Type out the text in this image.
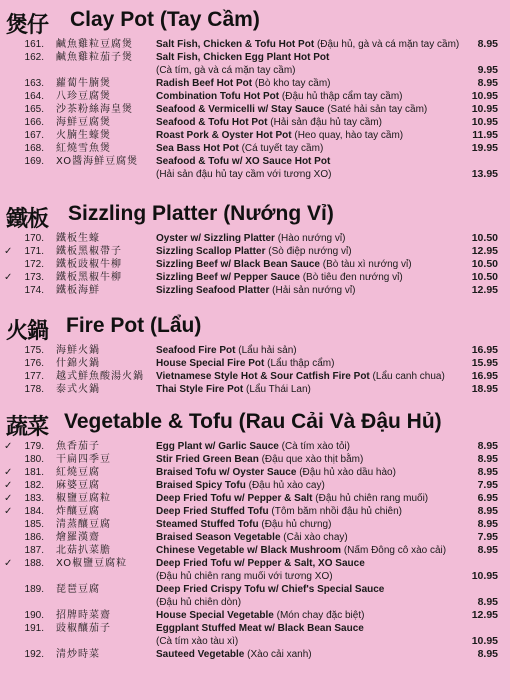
煲仔 Clay Pot (Tay Cầm)
161. 鹹魚雞粒豆腐煲	Salt Fish, Chicken & Tofu Hot Pot (Đậu hủ, gà và cá mặn tay cầm)	8.95
162. 鹹魚雞粒茄子煲	Salt Fish, Chicken Egg Plant Hot Pot
(Cà tím, gà và cá mặn tay cầm)	9.95
163. 蘿蔔牛腩煲	Radish Beef Hot Pot (Bò kho tay cầm)	8.95
164. 八珍豆腐煲	Combination Tofu Hot Pot (Đậu hủ thập cẩm tay cầm)	10.95
165. 沙茶粉絲海皇煲	Seafood & Vermicelli w/ Stay Sauce (Saté hải sản tay cầm)	10.95
166. 海鮮豆腐煲	Seafood & Tofu Hot Pot (Hải sản đậu hủ tay cầm)	10.95
167. 火腩生蠔煲	Roast Pork & Oyster Hot Pot (Heo quay, hào tay cầm)	11.95
168. 紅燒雪魚煲	Sea Bass Hot Pot (Cá tuyết tay cầm)	19.95
169. XO醬海鮮豆腐煲	Seafood & Tofu w/ XO Sauce Hot Pot
(Hải sản đậu hủ tay cầm với tương XO)	13.95
鐵板 Sizzling Platter (Nướng Vỉ)
170. 鐵板生蠔	Oyster w/ Sizzling Platter (Hào nướng vỉ)	10.50
✓	171. 鐵板黑椒帶子	Sizzling Scallop Platter (Sò điệp nướng vỉ)	12.95
172. 鐵板豉椒牛柳	Sizzling Beef w/ Black Bean Sauce (Bò tàu xì nướng vỉ)	10.50
✓	173. 鐵板黑椒牛柳	Sizzling Beef w/ Pepper Sauce (Bò tiêu đen nướng vỉ)	10.50
174. 鐵板海鮮	Sizzling Seafood Platter (Hải sản nướng vỉ)	12.95
火鍋 Fire Pot (Lẩu)
175. 海鮮火鍋	Seafood Fire Pot (Lẩu hải sản)	16.95
176. 什錦火鍋	House Special Fire Pot (Lẩu thập cẩm)	15.95
177. 越式鮮魚酸湯火鍋 Vietnamese Style Hot & Sour Catfish Fire Pot (Lẩu canh chua)	16.95
178. 泰式火鍋	Thai Style Fire Pot (Lẩu Thái Lan)	18.95
蔬菜 Vegetable & Tofu (Rau Cải Và Đậu Hủ)
✓	179. 魚香茄子	Egg Plant w/ Garlic Sauce (Cà tím xào tỏi)	8.95
180. 干扁四季豆	Stir Fried Green Bean (Đậu que xào thịt bằm)	8.95
✓	181. 紅燒豆腐	Braised Tofu w/ Oyster Sauce (Đậu hủ xào dầu hào)	8.95
✓	182. 麻婆豆腐	Braised Spicy Tofu (Đậu hủ xào cay)	7.95
✓	183. 椒鹽豆腐粒	Deep Fried Tofu w/ Pepper & Salt (Đậu hủ chiên rang muối)	6.95
✓	184. 炸釀豆腐	Deep Fried Stuffed Tofu (Tôm băm nhồi đậu hủ chiên)	8.95
185. 清蒸釀豆腐	Steamed Stuffed Tofu (Đậu hủ chưng)	8.95
186. 燴羅漢齋	Braised Season Vegetable (Cải xào chay)	7.95
187. 北菇扒菜膽	Chinese Vegetable w/ Black Mushroom (Nấm Đông cô xào cải)	8.95
✓	188. XO椒鹽豆腐粒	Deep Fried Tofu w/ Pepper & Salt, XO Sauce
(Đậu hủ chiên rang muối với tương XO)	10.95
189. 琵琶豆腐	Deep Fried Crispy Tofu w/ Chief's Special Sauce
(Đậu hủ chiên dòn)	8.95
190. 招牌時菜齋	House Special Vegetable (Món chay đặc biệt)	12.95
191. 豉椒釀茄子	Eggplant Stuffed Meat w/ Black Bean Sauce
(Cà tím xào tàu xì)	10.95
192. 清炒時菜	Sauteed Vegetable (Xào cải xanh)	8.95
